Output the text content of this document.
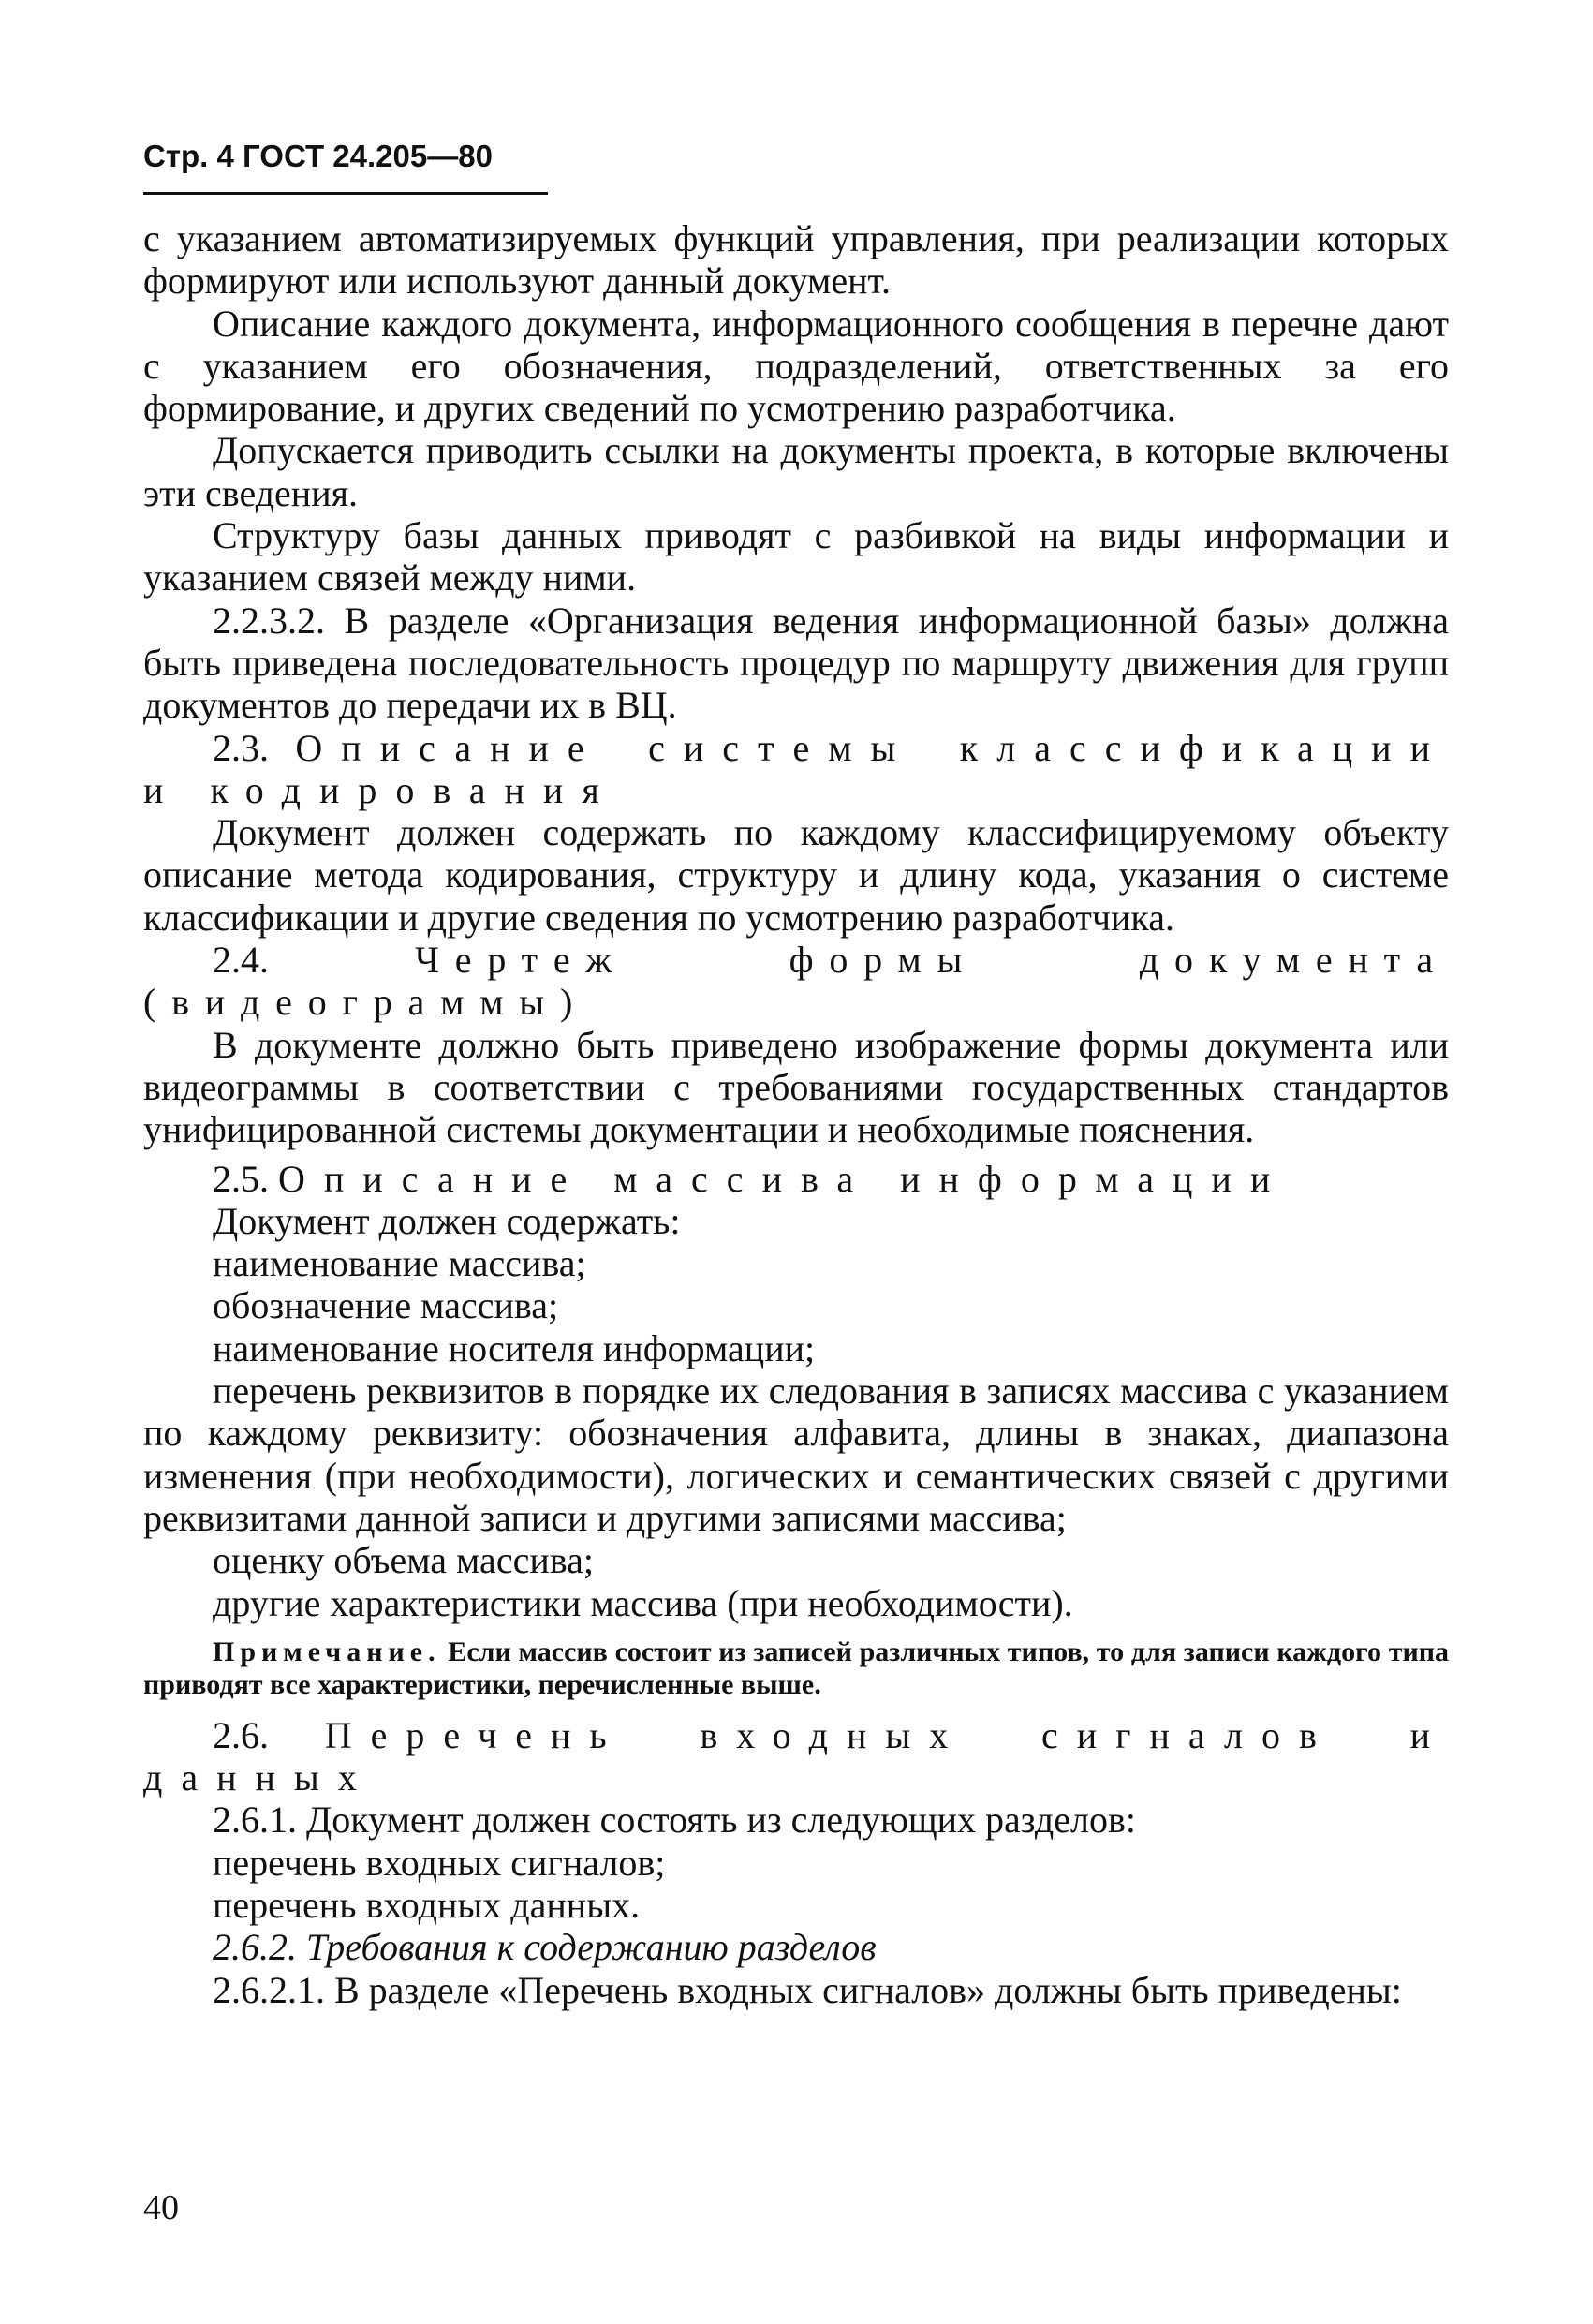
Стр. 4 ГОСТ 24.205—80

с указанием автоматизируемых функций управления, при реализации которых формируют или используют данный документ.

Описание каждого документа, информационного сообщения в перечне дают с указанием его обозначения, подразделений, ответственных за его формирование, и других сведений по усмотрению разработчика.

Допускается приводить ссылки на документы проекта, в которые включены эти сведения.

Структуру базы данных приводят с разбивкой на виды информации и указанием связей между ними.

2.2.3.2. В разделе «Организация ведения информационной базы» должна быть приведена последовательность процедур по маршруту движения для групп документов до передачи их в ВЦ.

2.3. Описание системы классификации и кодирования

Документ должен содержать по каждому классифицируемому объекту описание метода кодирования, структуру и длину кода, указания о системе классификации и другие сведения по усмотрению разработчика.

2.4.	Чертеж формы документа (видеограммы)

В документе должно быть приведено изображение формы документа или видеограммы в соответствии с требованиями государственных стандартов унифицированной системы документации и необходимые пояснения.

2.5. Описание массива информации

Документ должен содержать:

наименование массива;

обозначение массива;

наименование носителя информации;

перечень реквизитов в порядке их следования в записях массива с указанием по каждому реквизиту: обозначения алфавита, длины в знаках, диапазона изменения (при необходимости), логических и семантических связей с другими реквизитами данной записи и другими записями массива;

оценку объема массива;

другие характеристики массива (при необходимости).

Примечание. Если массив состоит из записей различных типов, то для записи каждого типа приводят все характеристики, перечисленные выше.

2.6. Перечень входных сигналов и данных

2.6.1. Документ должен состоять из следующих разделов:

перечень входных сигналов;

перечень входных данных.

2.6.2. Требования к содержанию разделов

2.6.2.1. В разделе «Перечень входных сигналов» должны быть приведены:

40
